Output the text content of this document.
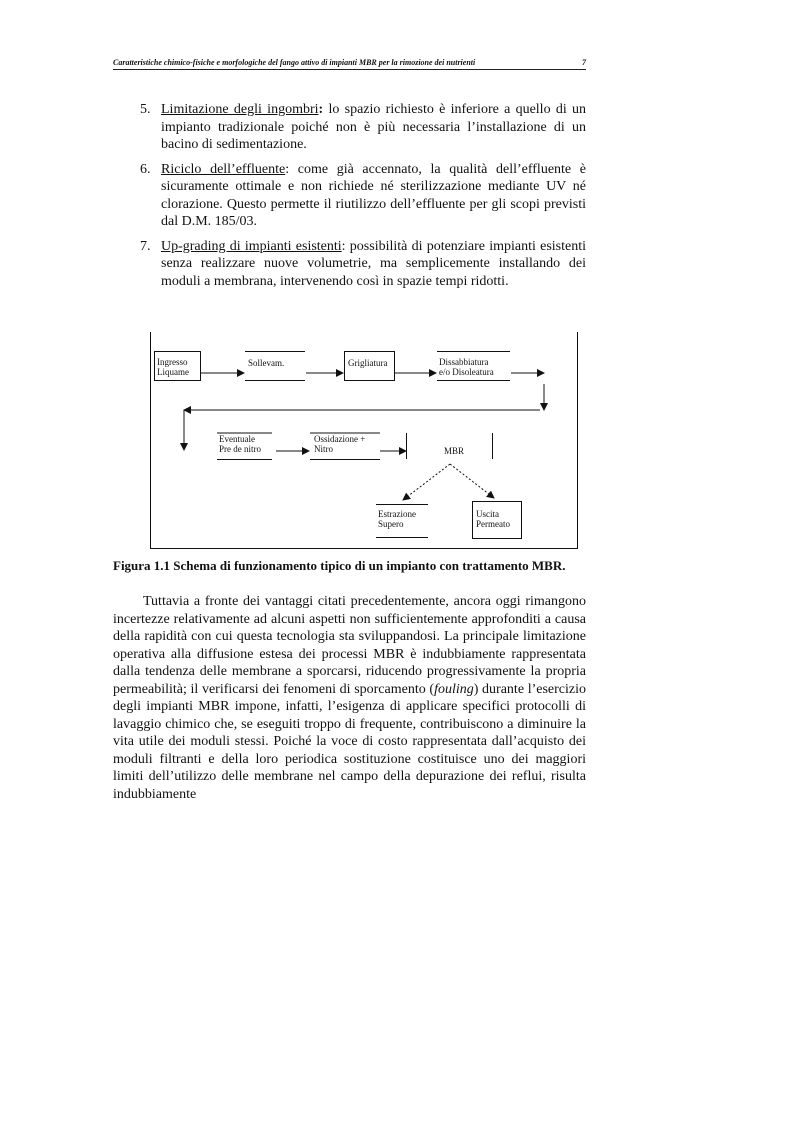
Caratteristiche chimico-fisiche e morfologiche del fango attivo di impianti MBR per la rimozione dei nutrienti	7
5. Limitazione degli ingombri: lo spazio richiesto è inferiore a quello di un impianto tradizionale poiché non è più necessaria l’installazione di un bacino di sedimentazione.
6. Riciclo dell’effluente: come già accennato, la qualità dell’effluente è sicuramente ottimale e non richiede né sterilizzazione mediante UV né clorazione. Questo permette il riutilizzo dell’effluente per gli scopi previsti dal D.M. 185/03.
7. Up-grading di impianti esistenti: possibilità di potenziare impianti esistenti senza realizzare nuove volumetrie, ma semplicemente installando dei moduli a membrana, intervenendo così in spazie tempi ridotti.
Ingresso
Liquame
Sollevam.	Grigliatura	Dissabbiatura
e/o Disoleatura
Eventuale
Pre de nitro
Ossidazione +
Nitro	MBR
Estrazione
Supero
Uscita
Permeato
Figura 1.1 Schema di funzionamento tipico di un impianto con trattamento MBR.

Tuttavia a fronte dei vantaggi citati precedentemente, ancora oggi rimangono incertezze relativamente ad alcuni aspetti non sufficientemente approfonditi a causa della rapidità con cui questa tecnologia sta sviluppandosi. La principale limitazione operativa alla diffusione estesa dei processi MBR è indubbiamente rappresentata dalla tendenza delle membrane a sporcarsi, riducendo progressivamente la propria permeabilità; il verificarsi dei fenomeni di sporcamento (fouling) durante l’esercizio degli impianti MBR impone, infatti, l’esigenza di applicare specifici protocolli di lavaggio chimico che, se eseguiti troppo di frequente, contribuiscono a diminuire la vita utile dei moduli stessi. Poiché la voce di costo rappresentata dall’acquisto dei moduli filtranti e della loro periodica sostituzione costituisce uno dei maggiori limiti dell’utilizzo delle membrane nel campo della depurazione dei reflui, risulta indubbiamente
